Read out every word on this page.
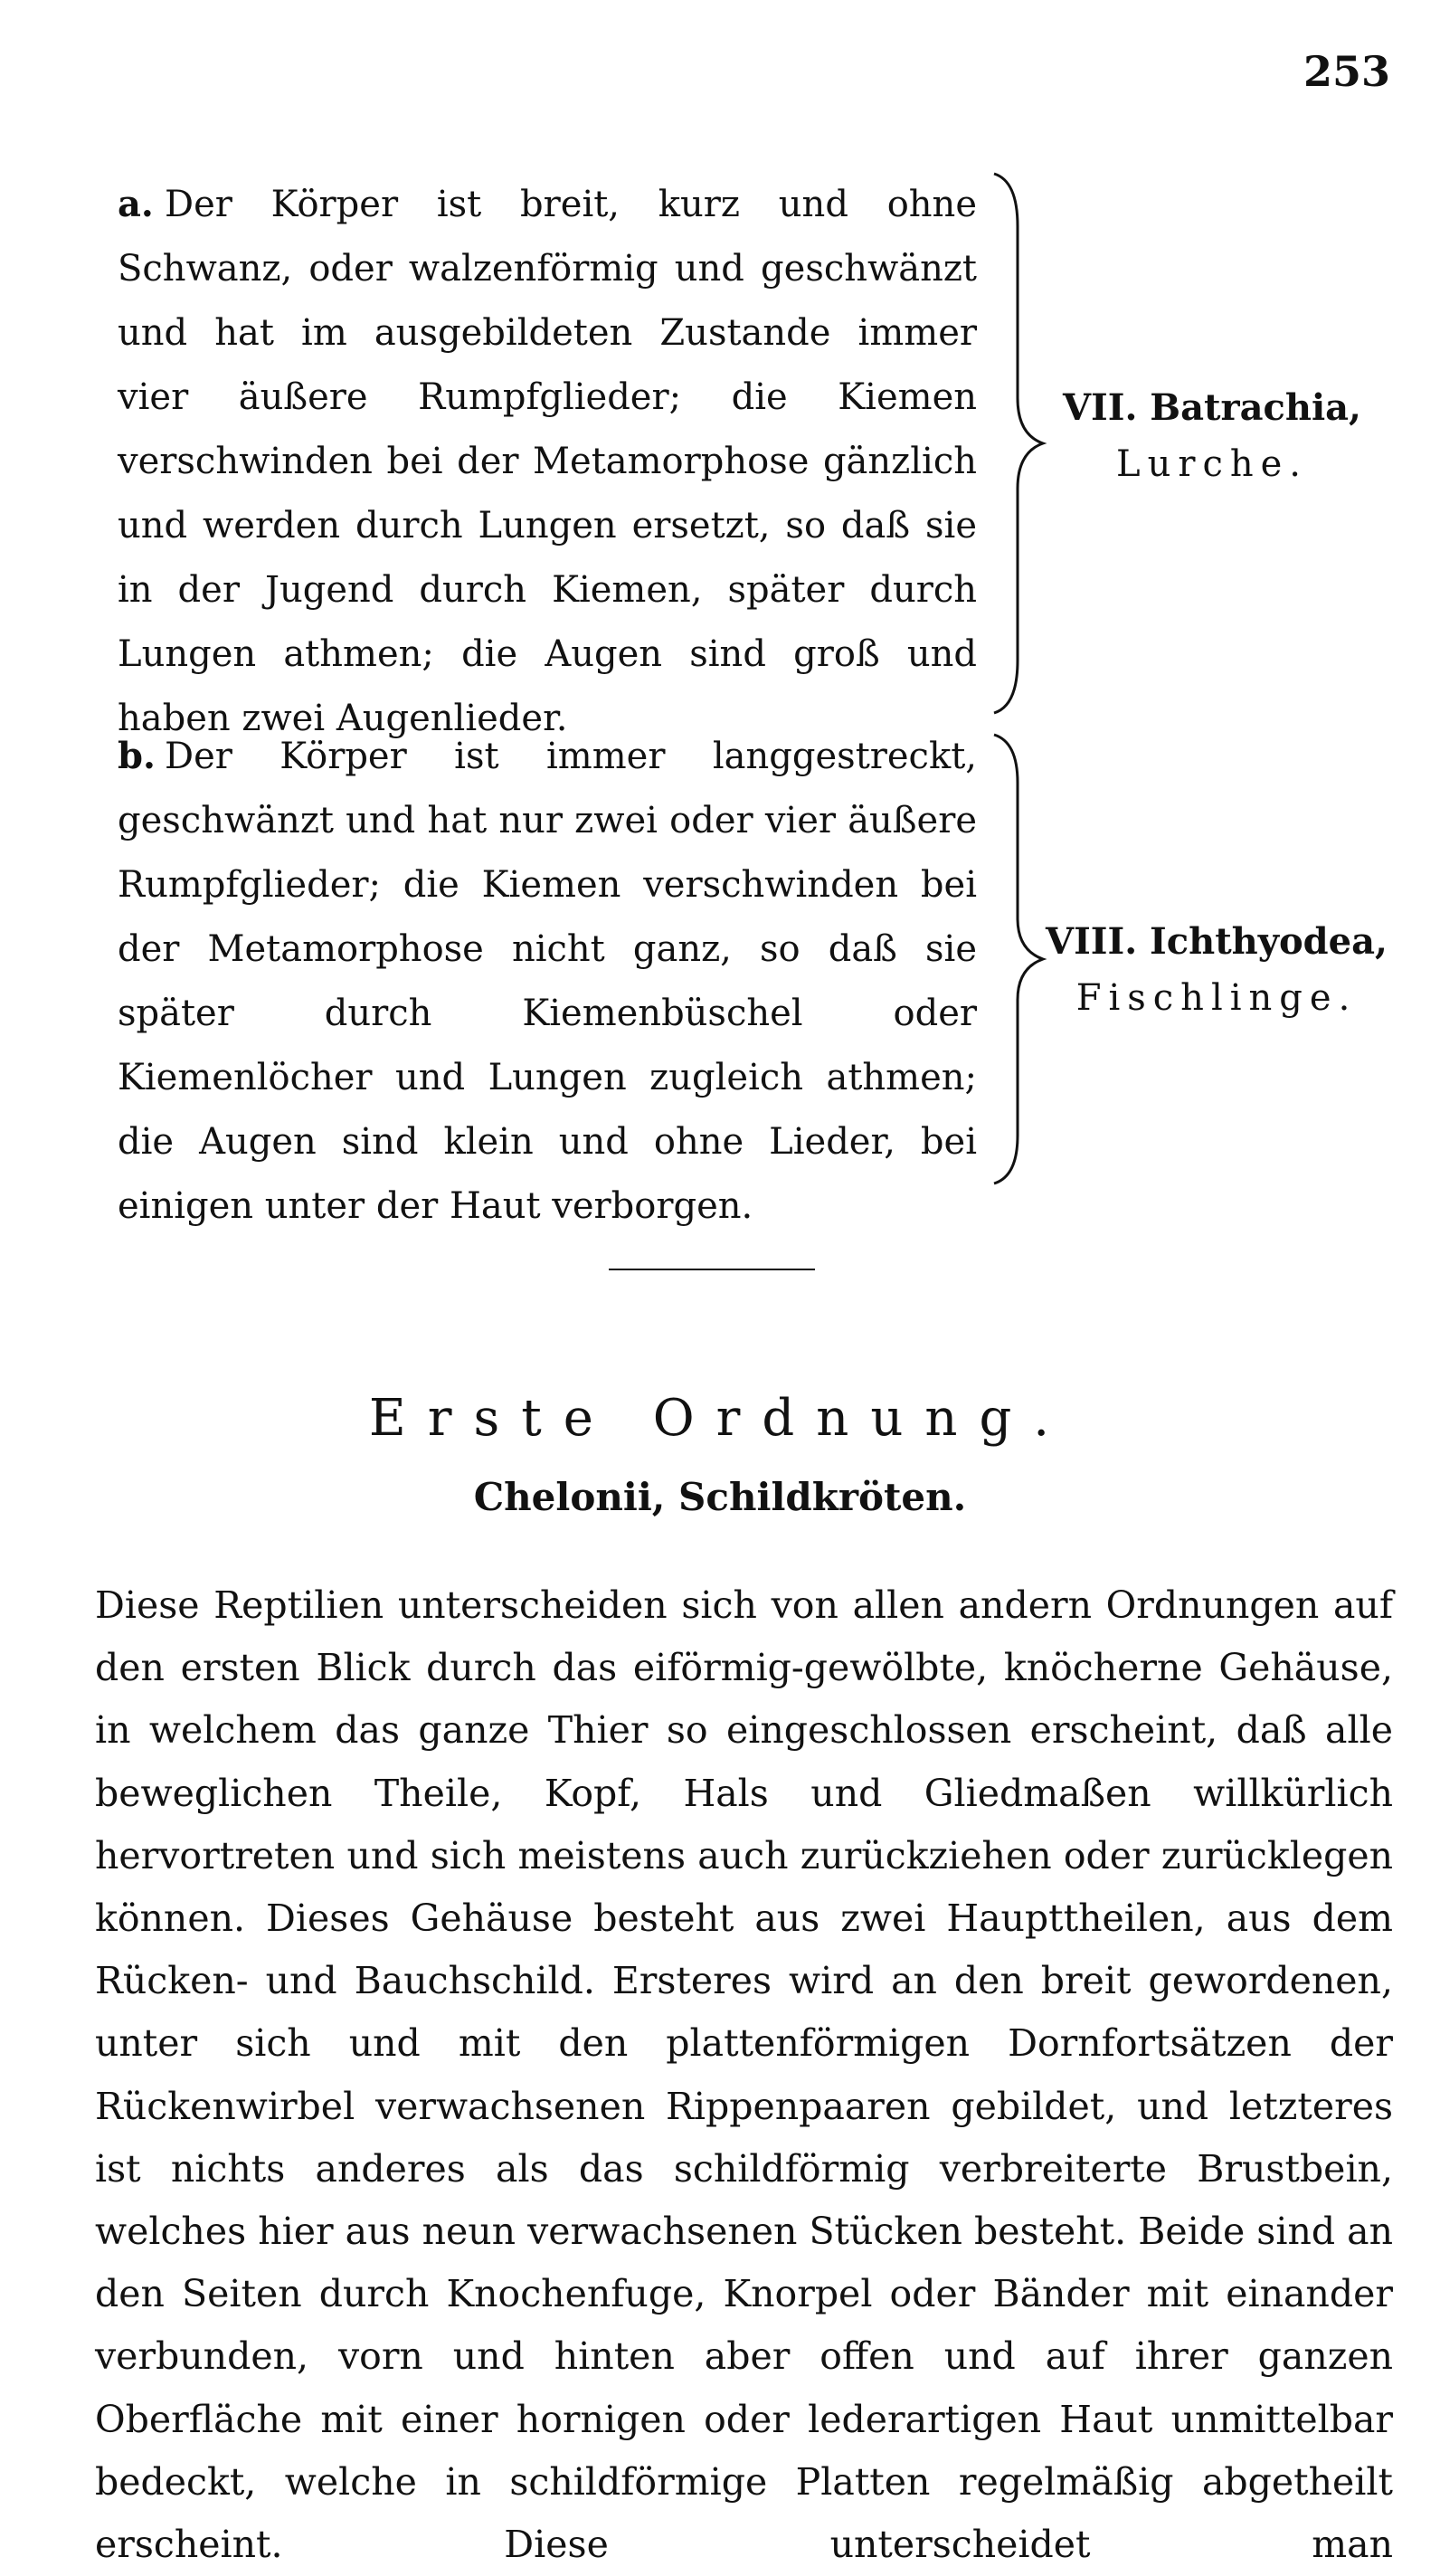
253
a. Der Körper ist breit, kurz und ohne Schwanz, oder walzenförmig und geschwänzt und hat im ausgebildeten Zustande immer vier äußere Rumpfglieder; die Kiemen verschwinden bei der Metamorphose gänzlich und werden durch Lungen ersetzt, so daß sie in der Jugend durch Kiemen, später durch Lungen athmen; die Augen sind groß und haben zwei Augenlieder.
VII. Batrachia,
Lurche.
b. Der Körper ist immer langgestreckt, geschwänzt und hat nur zwei oder vier äußere Rumpfglieder; die Kiemen verschwinden bei der Metamorphose nicht ganz, so daß sie später durch Kiemenbüschel oder Kiemenlöcher und Lungen zugleich athmen; die Augen sind klein und ohne Lieder, bei einigen unter der Haut verborgen.
VIII. Ichthyodea,
Fischlinge.
Erste Ordnung.
Chelonii, Schildkröten.
Diese Reptilien unterscheiden sich von allen andern Ordnungen auf den ersten Blick durch das eiförmig-gewölbte, knöcherne Gehäuse, in welchem das ganze Thier so eingeschlossen erscheint, daß alle beweglichen Theile, Kopf, Hals und Gliedmaßen willkürlich hervortreten und sich meistens auch zurückziehen oder zurücklegen können. Dieses Gehäuse besteht aus zwei Haupttheilen, aus dem Rücken- und Bauchschild. Ersteres wird an den breit gewordenen, unter sich und mit den plattenförmigen Dornfortsätzen der Rückenwirbel verwachsenen Rippenpaaren gebildet, und letzteres ist nichts anderes als das schildförmig verbreiterte Brustbein, welches hier aus neun verwachsenen Stücken besteht. Beide sind an den Seiten durch Knochenfuge, Knorpel oder Bänder mit einander verbunden, vorn und hinten aber offen und auf ihrer ganzen Oberfläche mit einer hornigen oder lederartigen Haut unmittelbar bedeckt, welche in schildförmige Platten regelmäßig abgetheilt erscheint. Diese unterscheidet man
